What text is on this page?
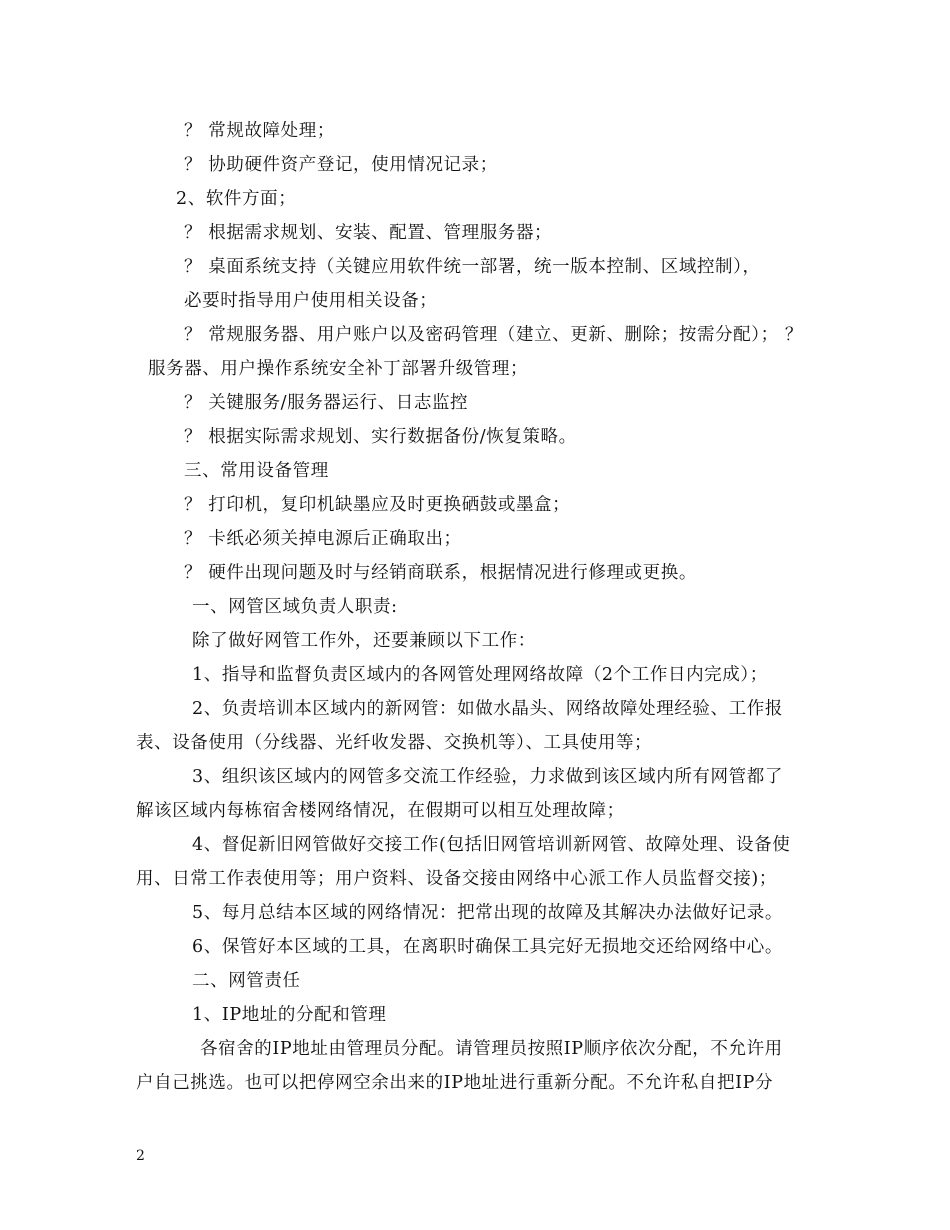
？ 常规故障处理；
？ 协助硬件资产登记，使用情况记录；
2、软件方面；
？ 根据需求规划、安装、配置、管理服务器；
？ 桌面系统支持（关键应用软件统一部署，统一版本控制、区域控制），
必要时指导用户使用相关设备；
？ 常规服务器、用户账户以及密码管理（建立、更新、删除；按需分配）； ？
服务器、用户操作系统安全补丁部署升级管理；
？ 关键服务/服务器运行、日志监控
？ 根据实际需求规划、实行数据备份/恢复策略。
三、常用设备管理
？ 打印机，复印机缺墨应及时更换硒鼓或墨盒；
？ 卡纸必须关掉电源后正确取出；
？ 硬件出现问题及时与经销商联系，根据情况进行修理或更换。
一、网管区域负责人职责:
除了做好网管工作外，还要兼顾以下工作：
1、指导和监督负责区域内的各网管处理网络故障（2个工作日内完成）；
2、负责培训本区域内的新网管：如做水晶头、网络故障处理经验、工作报
表、设备使用（分线器、光纤收发器、交换机等）、工具使用等；
3、组织该区域内的网管多交流工作经验，力求做到该区域内所有网管都了
解该区域内每栋宿舍楼网络情况，在假期可以相互处理故障；
4、督促新旧网管做好交接工作(包括旧网管培训新网管、故障处理、设备使
用、日常工作表使用等；用户资料、设备交接由网络中心派工作人员监督交接)；
5、每月总结本区域的网络情况：把常出现的故障及其解决办法做好记录。
6、保管好本区域的工具，在离职时确保工具完好无损地交还给网络中心。
二、网管责任
1、IP地址的分配和管理
各宿舍的IP地址由管理员分配。请管理员按照IP顺序依次分配，不允许用
户自己挑选。也可以把停网空余出来的IP地址进行重新分配。不允许私自把IP分
2
